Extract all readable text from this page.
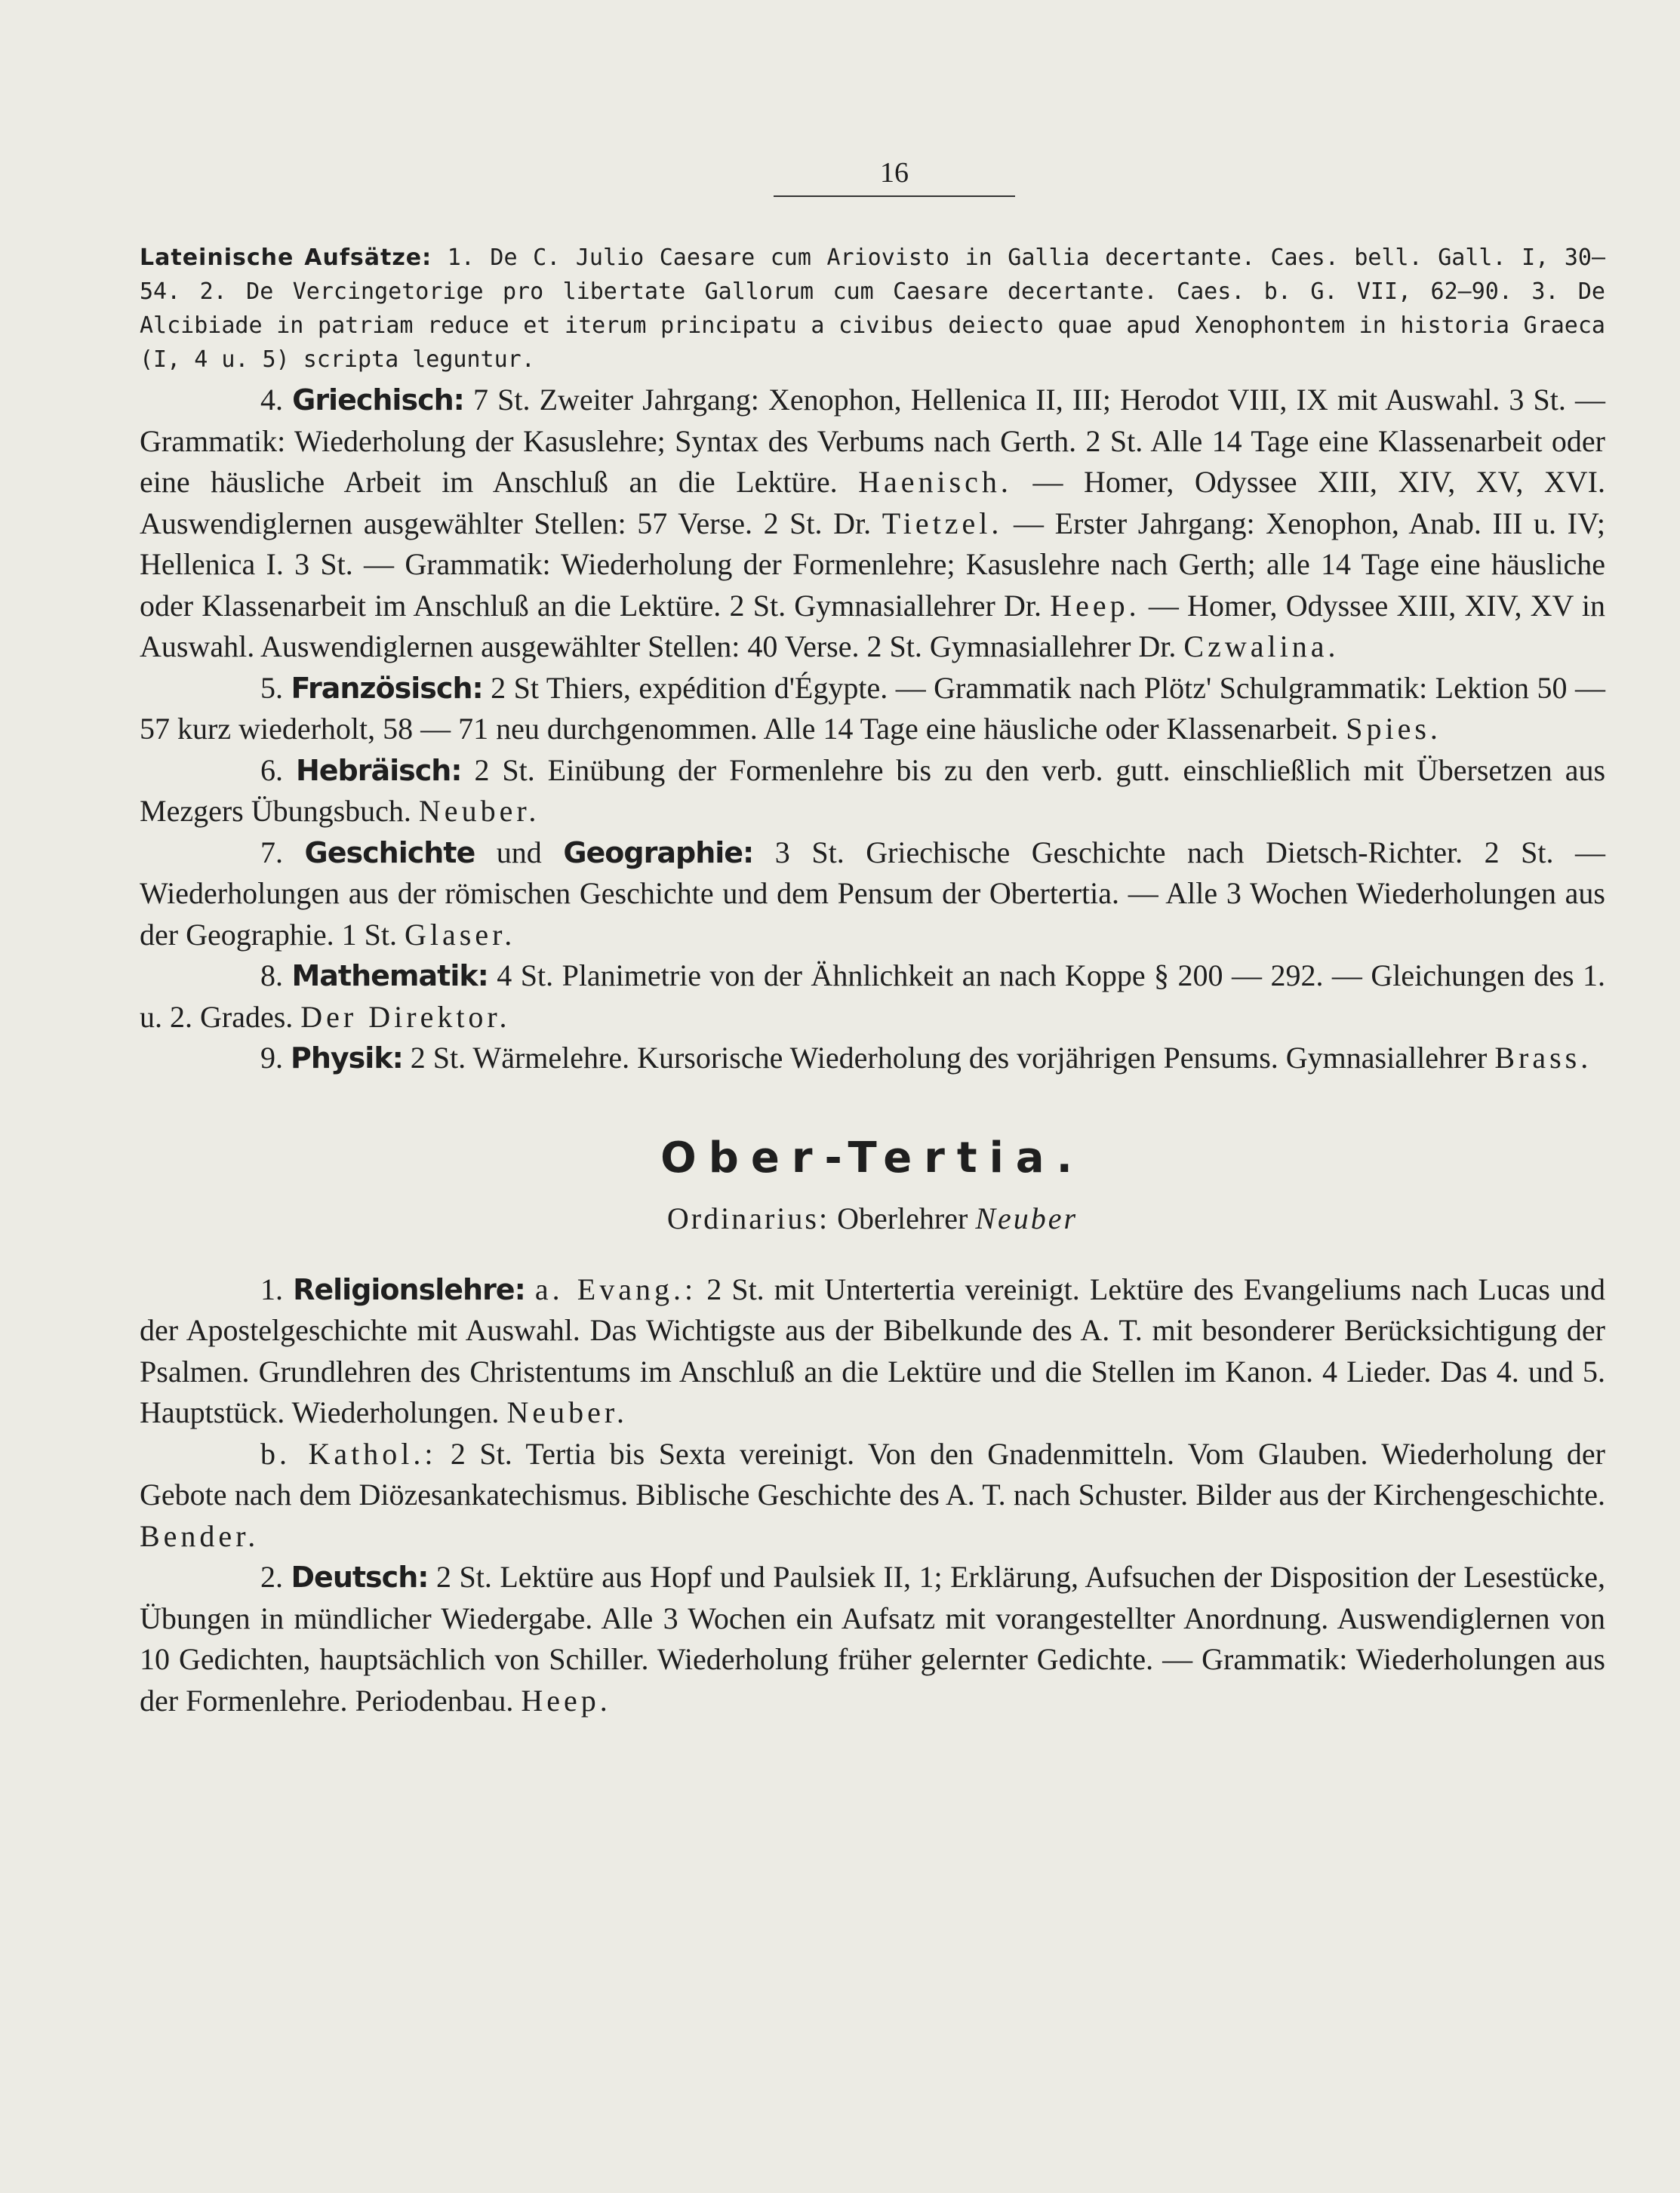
16
Lateinische Aufsätze: 1. De C. Julio Caesare cum Ariovisto in Gallia decertante. Caes. bell. Gall. I, 30—54. 2. De Vercingetorige pro libertate Gallorum cum Caesare decertante. Caes. b. G. VII, 62—90. 3. De Alcibiade in patriam reduce et iterum principatu a civibus deiecto quae apud Xenophontem in historia Graeca (I, 4 u. 5) scripta leguntur.

4. Griechisch: 7 St. Zweiter Jahrgang: Xenophon, Hellenica II, III; Herodot VIII, IX mit Auswahl. 3 St. — Grammatik: Wiederholung der Kasuslehre; Syntax des Verbums nach Gerth. 2 St. Alle 14 Tage eine Klassenarbeit oder eine häusliche Arbeit im Anschluß an die Lektüre. Haenisch. — Homer, Odyssee XIII, XIV, XV, XVI. Auswendiglernen ausgewählter Stellen: 57 Verse. 2 St. Dr. Tietzel. — Erster Jahrgang: Xenophon, Anab. III u. IV; Hellenica I. 3 St. — Grammatik: Wiederholung der Formenlehre; Kasuslehre nach Gerth; alle 14 Tage eine häusliche oder Klassenarbeit im Anschluß an die Lektüre. 2 St. Gymnasiallehrer Dr. Heep. — Homer, Odyssee XIII, XIV, XV in Auswahl. Auswendiglernen ausgewählter Stellen: 40 Verse. 2 St. Gymnasiallehrer Dr. Czwalina.

5. Französisch: 2 St Thiers, expédition d'Égypte. — Grammatik nach Plötz' Schulgrammatik: Lektion 50 — 57 kurz wiederholt, 58 — 71 neu durchgenommen. Alle 14 Tage eine häusliche oder Klassenarbeit. Spies.

6. Hebräisch: 2 St. Einübung der Formenlehre bis zu den verb. gutt. einschließlich mit Übersetzen aus Mezgers Übungsbuch. Neuber.

7. Geschichte und Geographie: 3 St. Griechische Geschichte nach Dietsch-Richter. 2 St. — Wiederholungen aus der römischen Geschichte und dem Pensum der Obertertia. — Alle 3 Wochen Wiederholungen aus der Geographie. 1 St. Glaser.

8. Mathematik: 4 St. Planimetrie von der Ähnlichkeit an nach Koppe § 200 — 292. — Gleichungen des 1. u. 2. Grades. Der Direktor.

9. Physik: 2 St. Wärmelehre. Kursorische Wiederholung des vorjährigen Pensums. Gymnasiallehrer Brass.

Ober-Tertia.
Ordinarius: Oberlehrer Neuber

1. Religionslehre: a. Evang.: 2 St. mit Untertertia vereinigt. Lektüre des Evangeliums nach Lucas und der Apostelgeschichte mit Auswahl. Das Wichtigste aus der Bibelkunde des A. T. mit besonderer Berücksichtigung der Psalmen. Grundlehren des Christentums im Anschluß an die Lektüre und die Stellen im Kanon. 4 Lieder. Das 4. und 5. Hauptstück. Wiederholungen. Neuber.

b. Kathol.: 2 St. Tertia bis Sexta vereinigt. Von den Gnadenmitteln. Vom Glauben. Wiederholung der Gebote nach dem Diözesankatechismus. Biblische Geschichte des A. T. nach Schuster. Bilder aus der Kirchengeschichte. Bender.

2. Deutsch: 2 St. Lektüre aus Hopf und Paulsiek II, 1; Erklärung, Aufsuchen der Disposition der Lesestücke, Übungen in mündlicher Wiedergabe. Alle 3 Wochen ein Aufsatz mit vorangestellter Anordnung. Auswendiglernen von 10 Gedichten, hauptsächlich von Schiller. Wiederholung früher gelernter Gedichte. — Grammatik: Wiederholungen aus der Formenlehre. Periodenbau. Heep.
